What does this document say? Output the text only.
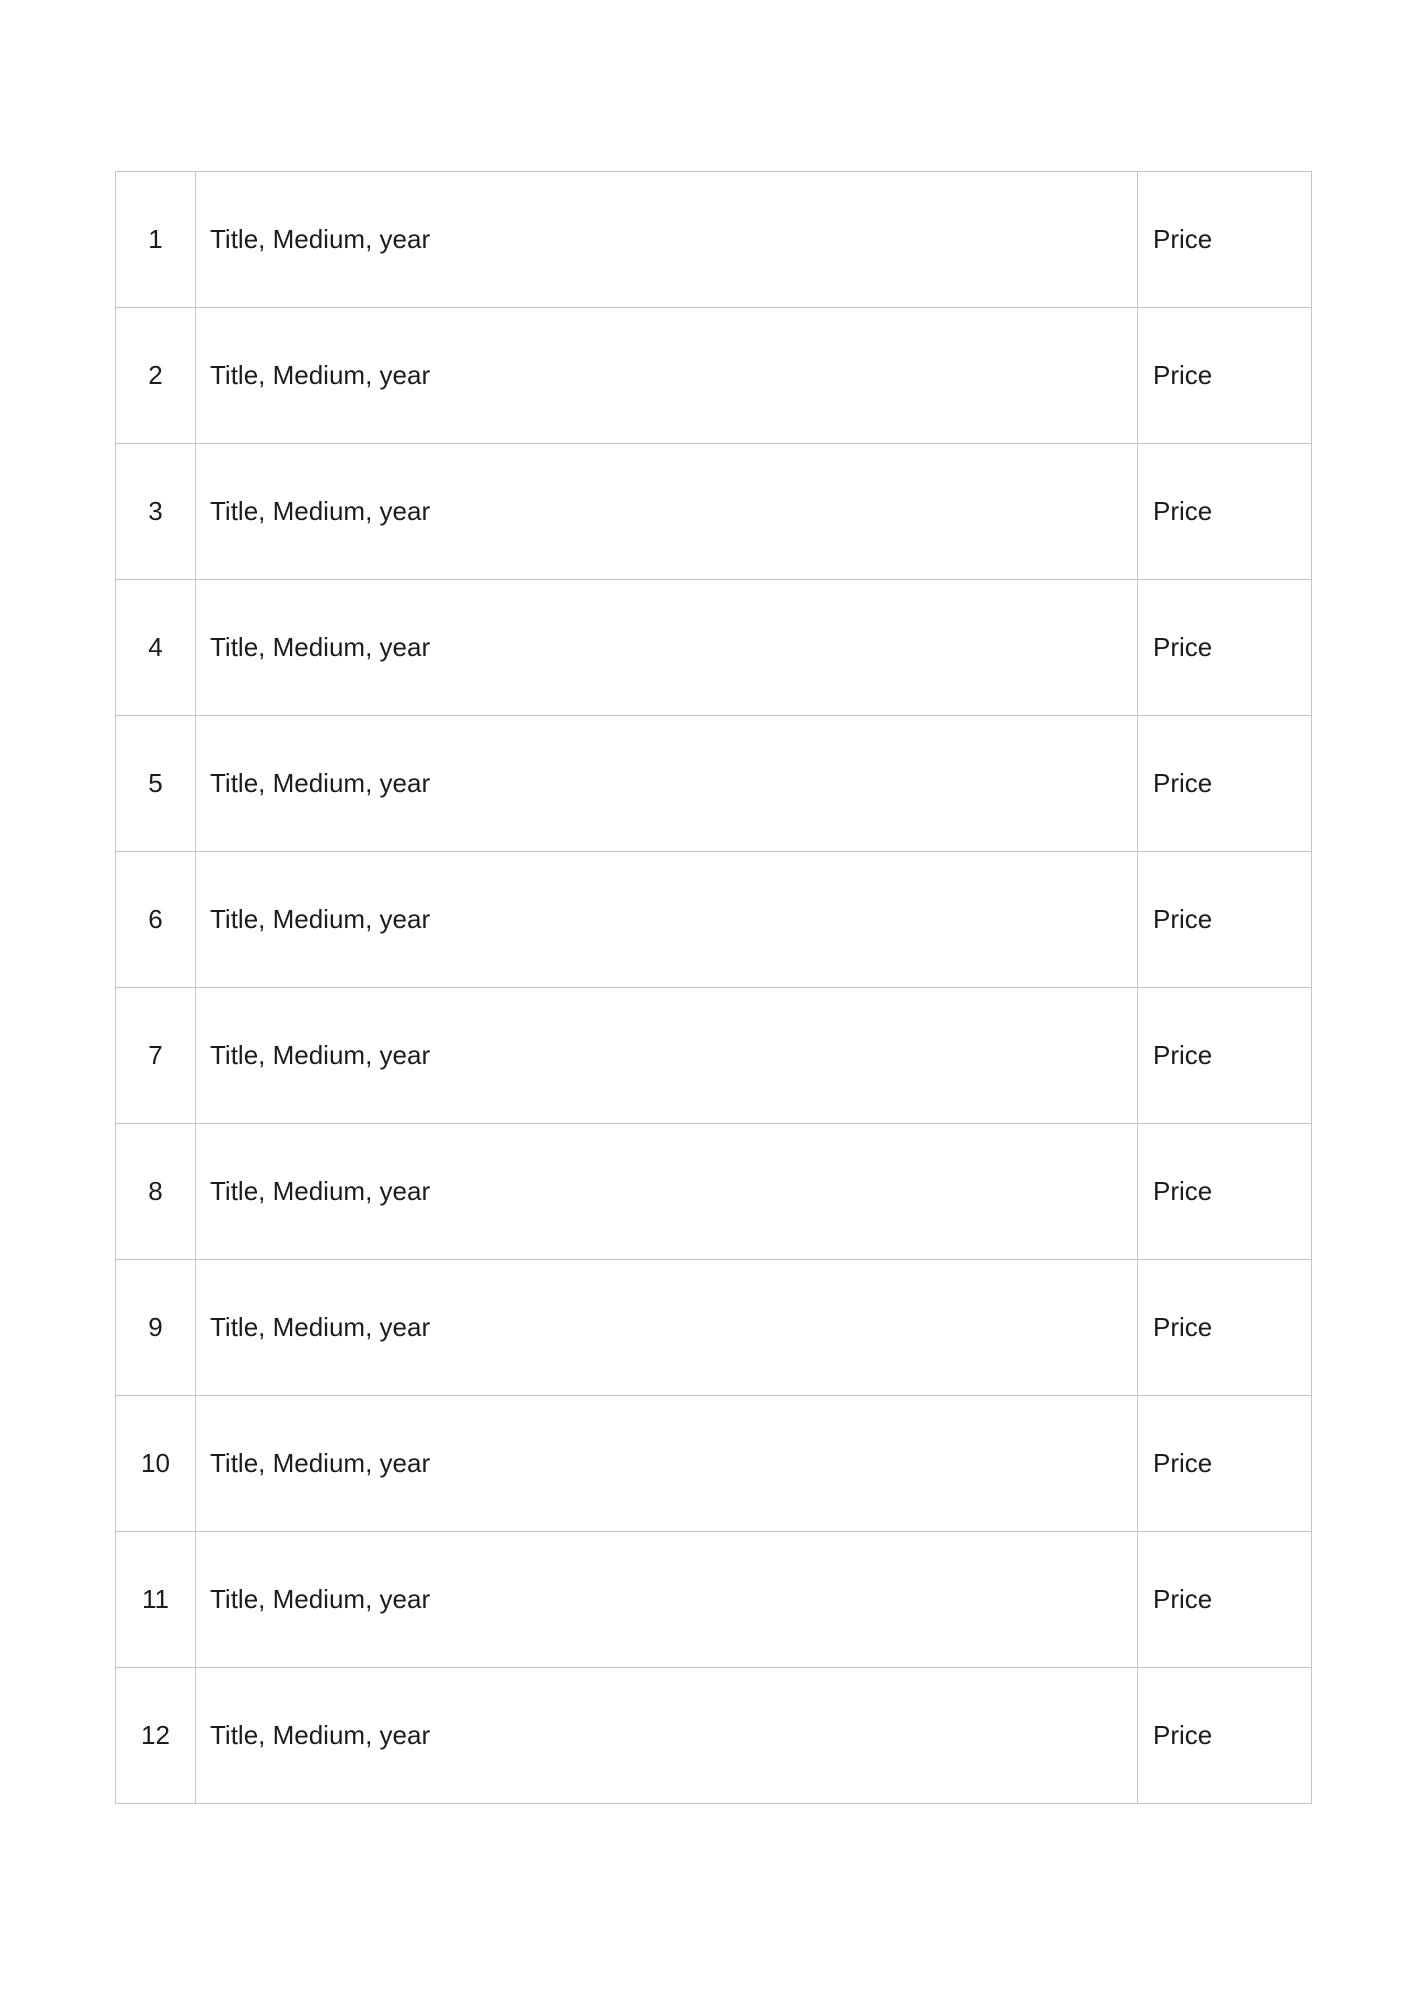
1	Title, Medium, year	Price
2	Title, Medium, year	Price
3	Title, Medium, year	Price
4	Title, Medium, year	Price
5	Title, Medium, year	Price
6	Title, Medium, year	Price
7	Title, Medium, year	Price
8	Title, Medium, year	Price
9	Title, Medium, year	Price
10	Title, Medium, year	Price
11	Title, Medium, year	Price
12	Title, Medium, year	Price
